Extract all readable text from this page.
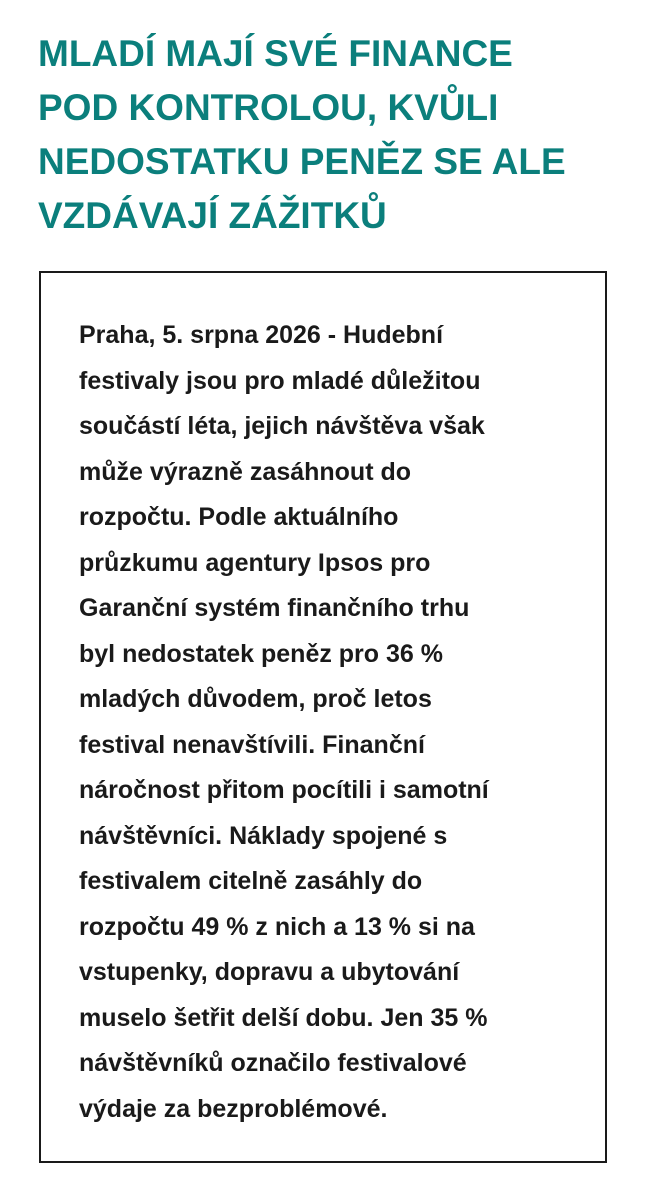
MLADÍ MAJÍ SVÉ FINANCE
POD KONTROLOU, KVŮLI
NEDOSTATKU PENĚZ SE ALE
VZDÁVAJÍ ZÁŽITKŮ

Praha, 5. srpna 2026 - Hudební
festivaly jsou pro mladé důležitou
součástí léta, jejich návštěva však
může výrazně zasáhnout do
rozpočtu. Podle aktuálního
průzkumu agentury Ipsos pro
Garanční systém finančního trhu
byl nedostatek peněz pro 36 %
mladých důvodem, proč letos
festival nenavštívili. Finanční
náročnost přitom pocítili i samotní
návštěvníci. Náklady spojené s
festivalem citelně zasáhly do
rozpočtu 49 % z nich a 13 % si na
vstupenky, dopravu a ubytování
muselo šetřit delší dobu. Jen 35 %
návštěvníků označilo festivalové
výdaje za bezproblémové.
